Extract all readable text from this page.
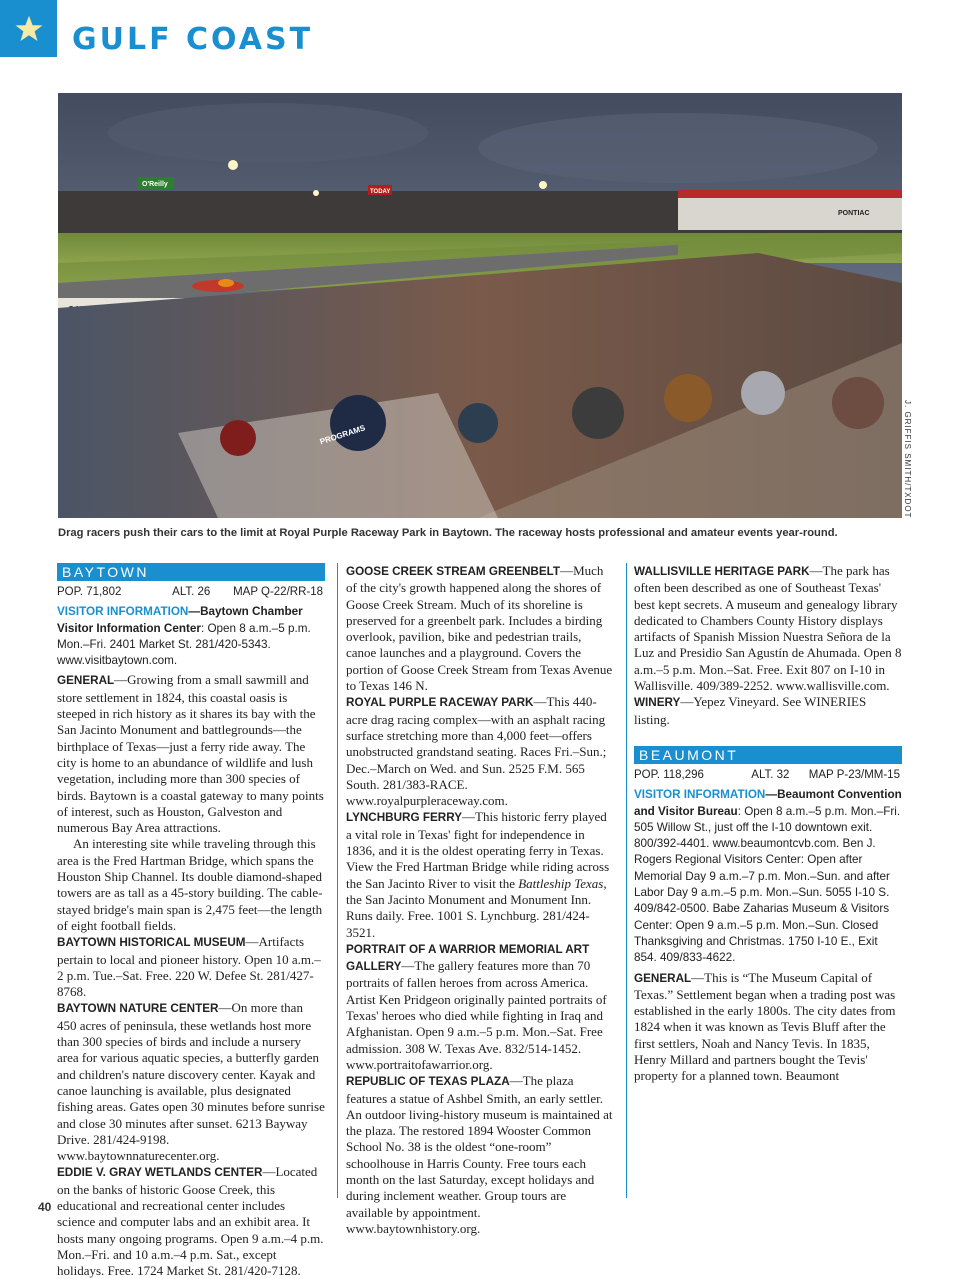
GULF COAST
PONTIAC
O'Reilly
TODAY
PROGRAMS	J. GRIFFIS SMITH/TXDOT
Drag racers push their cars to the limit at Royal Purple Raceway Park in Baytown. The raceway hosts professional and amateur events year-round.
BAYTOWN
POP. 71,802	ALT. 26 MAP Q-22/RR-18
VISITOR INFORMATION—Baytown Chamber Visitor Information Center: Open 8 a.m.–5 p.m. Mon.–Fri. 2401 Market St. 281/420-5343. www.visitbaytown.com.
GENERAL—Growing from a small sawmill and store settlement in 1824, this coastal oasis is steeped in rich history as it shares its bay with the San Jacinto Monument and battlegrounds—the birthplace of Texas—just a ferry ride away. The city is home to an abundance of wildlife and lush vegetation, including more than 300 species of birds. Baytown is a coastal gateway to many points of interest, such as Houston, Galveston and numerous Bay Area attractions.
An interesting site while traveling through this area is the Fred Hartman Bridge, which spans the Houston Ship Channel. Its double diamond-shaped towers are as tall as a 45-story building. The cable-stayed bridge's main span is 2,475 feet—the length of eight football fields.
BAYTOWN HISTORICAL MUSEUM—Artifacts pertain to local and pioneer history. Open 10 a.m.–2 p.m. Tue.–Sat. Free. 220 W. Defee St. 281/427-8768.
BAYTOWN NATURE CENTER—On more than 450 acres of peninsula, these wetlands host more than 300 species of birds and include a nursery area for various aquatic species, a butterfly garden and children's nature discovery center. Kayak and canoe launching is available, plus designated fishing areas. Gates open 30 minutes before sunrise and close 30 minutes after sunset. 6213 Bayway Drive. 281/424-9198. www.baytownnaturecenter.org.
EDDIE V. GRAY WETLANDS CENTER—Located on the banks of historic Goose Creek, this educational and recreational center includes science and computer labs and an exhibit area. It hosts many ongoing programs. Open 9 a.m.–4 p.m. Mon.–Fri. and 10 a.m.–4 p.m. Sat., except holidays. Free. 1724 Market St. 281/420-7128.
GOOSE CREEK STREAM GREENBELT—Much of the city's growth happened along the shores of Goose Creek Stream. Much of its shoreline is preserved for a greenbelt park. Includes a birding overlook, pavilion, bike and pedestrian trails, canoe launches and a playground. Covers the portion of Goose Creek Stream from Texas Avenue to Texas 146 N.
ROYAL PURPLE RACEWAY PARK—This 440-acre drag racing complex—with an asphalt racing surface stretching more than 4,000 feet—offers unobstructed grandstand seating. Races Fri.–Sun.; Dec.–March on Wed. and Sun. 2525 F.M. 565 South. 281/383-RACE. www.royalpurpleraceway.com.
LYNCHBURG FERRY—This historic ferry played a vital role in Texas' fight for independence in 1836, and it is the oldest operating ferry in Texas. View the Fred Hartman Bridge while riding across the San Jacinto River to visit the Battleship Texas, the San Jacinto Monument and Monument Inn. Runs daily. Free. 1001 S. Lynchburg. 281/424-3521.
PORTRAIT OF A WARRIOR MEMORIAL ART GALLERY—The gallery features more than 70 portraits of fallen heroes from across America. Artist Ken Pridgeon originally painted portraits of Texas' heroes who died while fighting in Iraq and Afghanistan. Open 9 a.m.–5 p.m. Mon.–Sat. Free admission. 308 W. Texas Ave. 832/514-1452. www.portraitofawarrior.org.
REPUBLIC OF TEXAS PLAZA—The plaza features a statue of Ashbel Smith, an early settler. An outdoor living-history museum is maintained at the plaza. The restored 1894 Wooster Common School No. 38 is the oldest “one-room” schoolhouse in Harris County. Free tours each month on the last Saturday, except holidays and during inclement weather. Group tours are available by appointment. www.baytownhistory.org.
WALLISVILLE HERITAGE PARK—The park has often been described as one of Southeast Texas' best kept secrets. A museum and genealogy library dedicated to Chambers County History displays artifacts of Spanish Mission Nuestra Señora de la Luz and Presidio San Agustín de Ahumada. Open 8 a.m.–5 p.m. Mon.–Sat. Free. Exit 807 on I-10 in Wallisville. 409/389-2252. www.wallisville.com.
WINERY—Yepez Vineyard. See WINERIES listing.
BEAUMONT
POP. 118,296	ALT. 32 MAP P-23/MM-15
VISITOR INFORMATION—Beaumont Convention and Visitor Bureau: Open 8 a.m.–5 p.m. Mon.–Fri. 505 Willow St., just off the I-10 downtown exit. 800/392-4401. www.beaumontcvb.com. Ben J. Rogers Regional Visitors Center: Open after Memorial Day 9 a.m.–7 p.m. Mon.–Sun. and after Labor Day 9 a.m.–5 p.m. Mon.–Sun. 5055 I-10 S. 409/842-0500. Babe Zaharias Museum & Visitors Center: Open 9 a.m.–5 p.m. Mon.–Sun. Closed Thanksgiving and Christmas. 1750 I-10 E., Exit 854. 409/833-4622.
GENERAL—This is “The Museum Capital of Texas.” Settlement began when a trading post was established in the early 1800s. The city dates from 1824 when it was known as Tevis Bluff after the first settlers, Noah and Nancy Tevis. In 1835, Henry Millard and partners bought the Tevis' property for a planned town. Beaumont
40
